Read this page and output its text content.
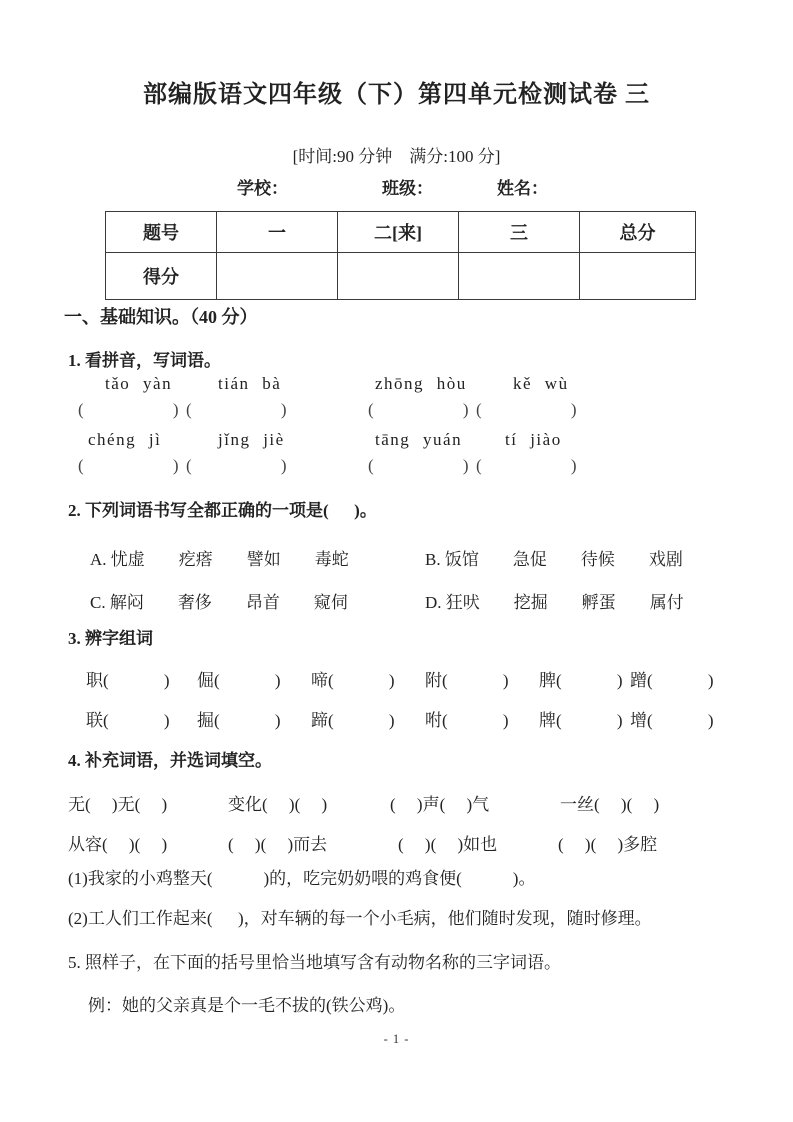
部编版语文四年级（下）第四单元检测试卷 三
[时间:90 分钟    满分:100 分]
学校：	班级：	姓名：
题号	一	二[来]	三	总分
得分				
一、基础知识。（40 分）
1. 看拼音，写词语。
tǎo yàn	tián bà	zhōng hòu	kě wù
(                     ) (                     )	(                     ) (                     )
chéng jì	jǐng jiè	tāng yuán	tí jiào
(                     ) (                     )	(                     ) (                     )
2. 下列词语书写全都正确的一项是(      )。
A. 忧虚        疙瘩        譬如        毒蛇	B. 饭馆        急促        待候        戏剧
C. 解闷        奢侈        昂首        窥伺	D. 狂吠        挖掘        孵蛋        属付
3. 辨字组词
职(             ) 倔(             ) 啼(             ) 附(             ) 脾(             ) 蹭(             )
联(             ) 掘(             ) 蹄(             ) 咐(             ) 牌(             ) 增(             )
4. 补充词语，并选词填空。
无(     )无(     )	变化(     )(     )	(     )声(     )气	一丝(     )(     )
从容(     )(     )	(     )(     )而去	(     )(     )如也	(     )(     )多腔
(1)我家的小鸡整天(            )的，吃完奶奶喂的鸡食便(            )。
(2)工人们工作起来(      )，对车辆的每一个小毛病，他们随时发现，随时修理。
5. 照样子，在下面的括号里恰当地填写含有动物名称的三字词语。
例：她的父亲真是个一毛不拔的(铁公鸡)。
- 1 -
